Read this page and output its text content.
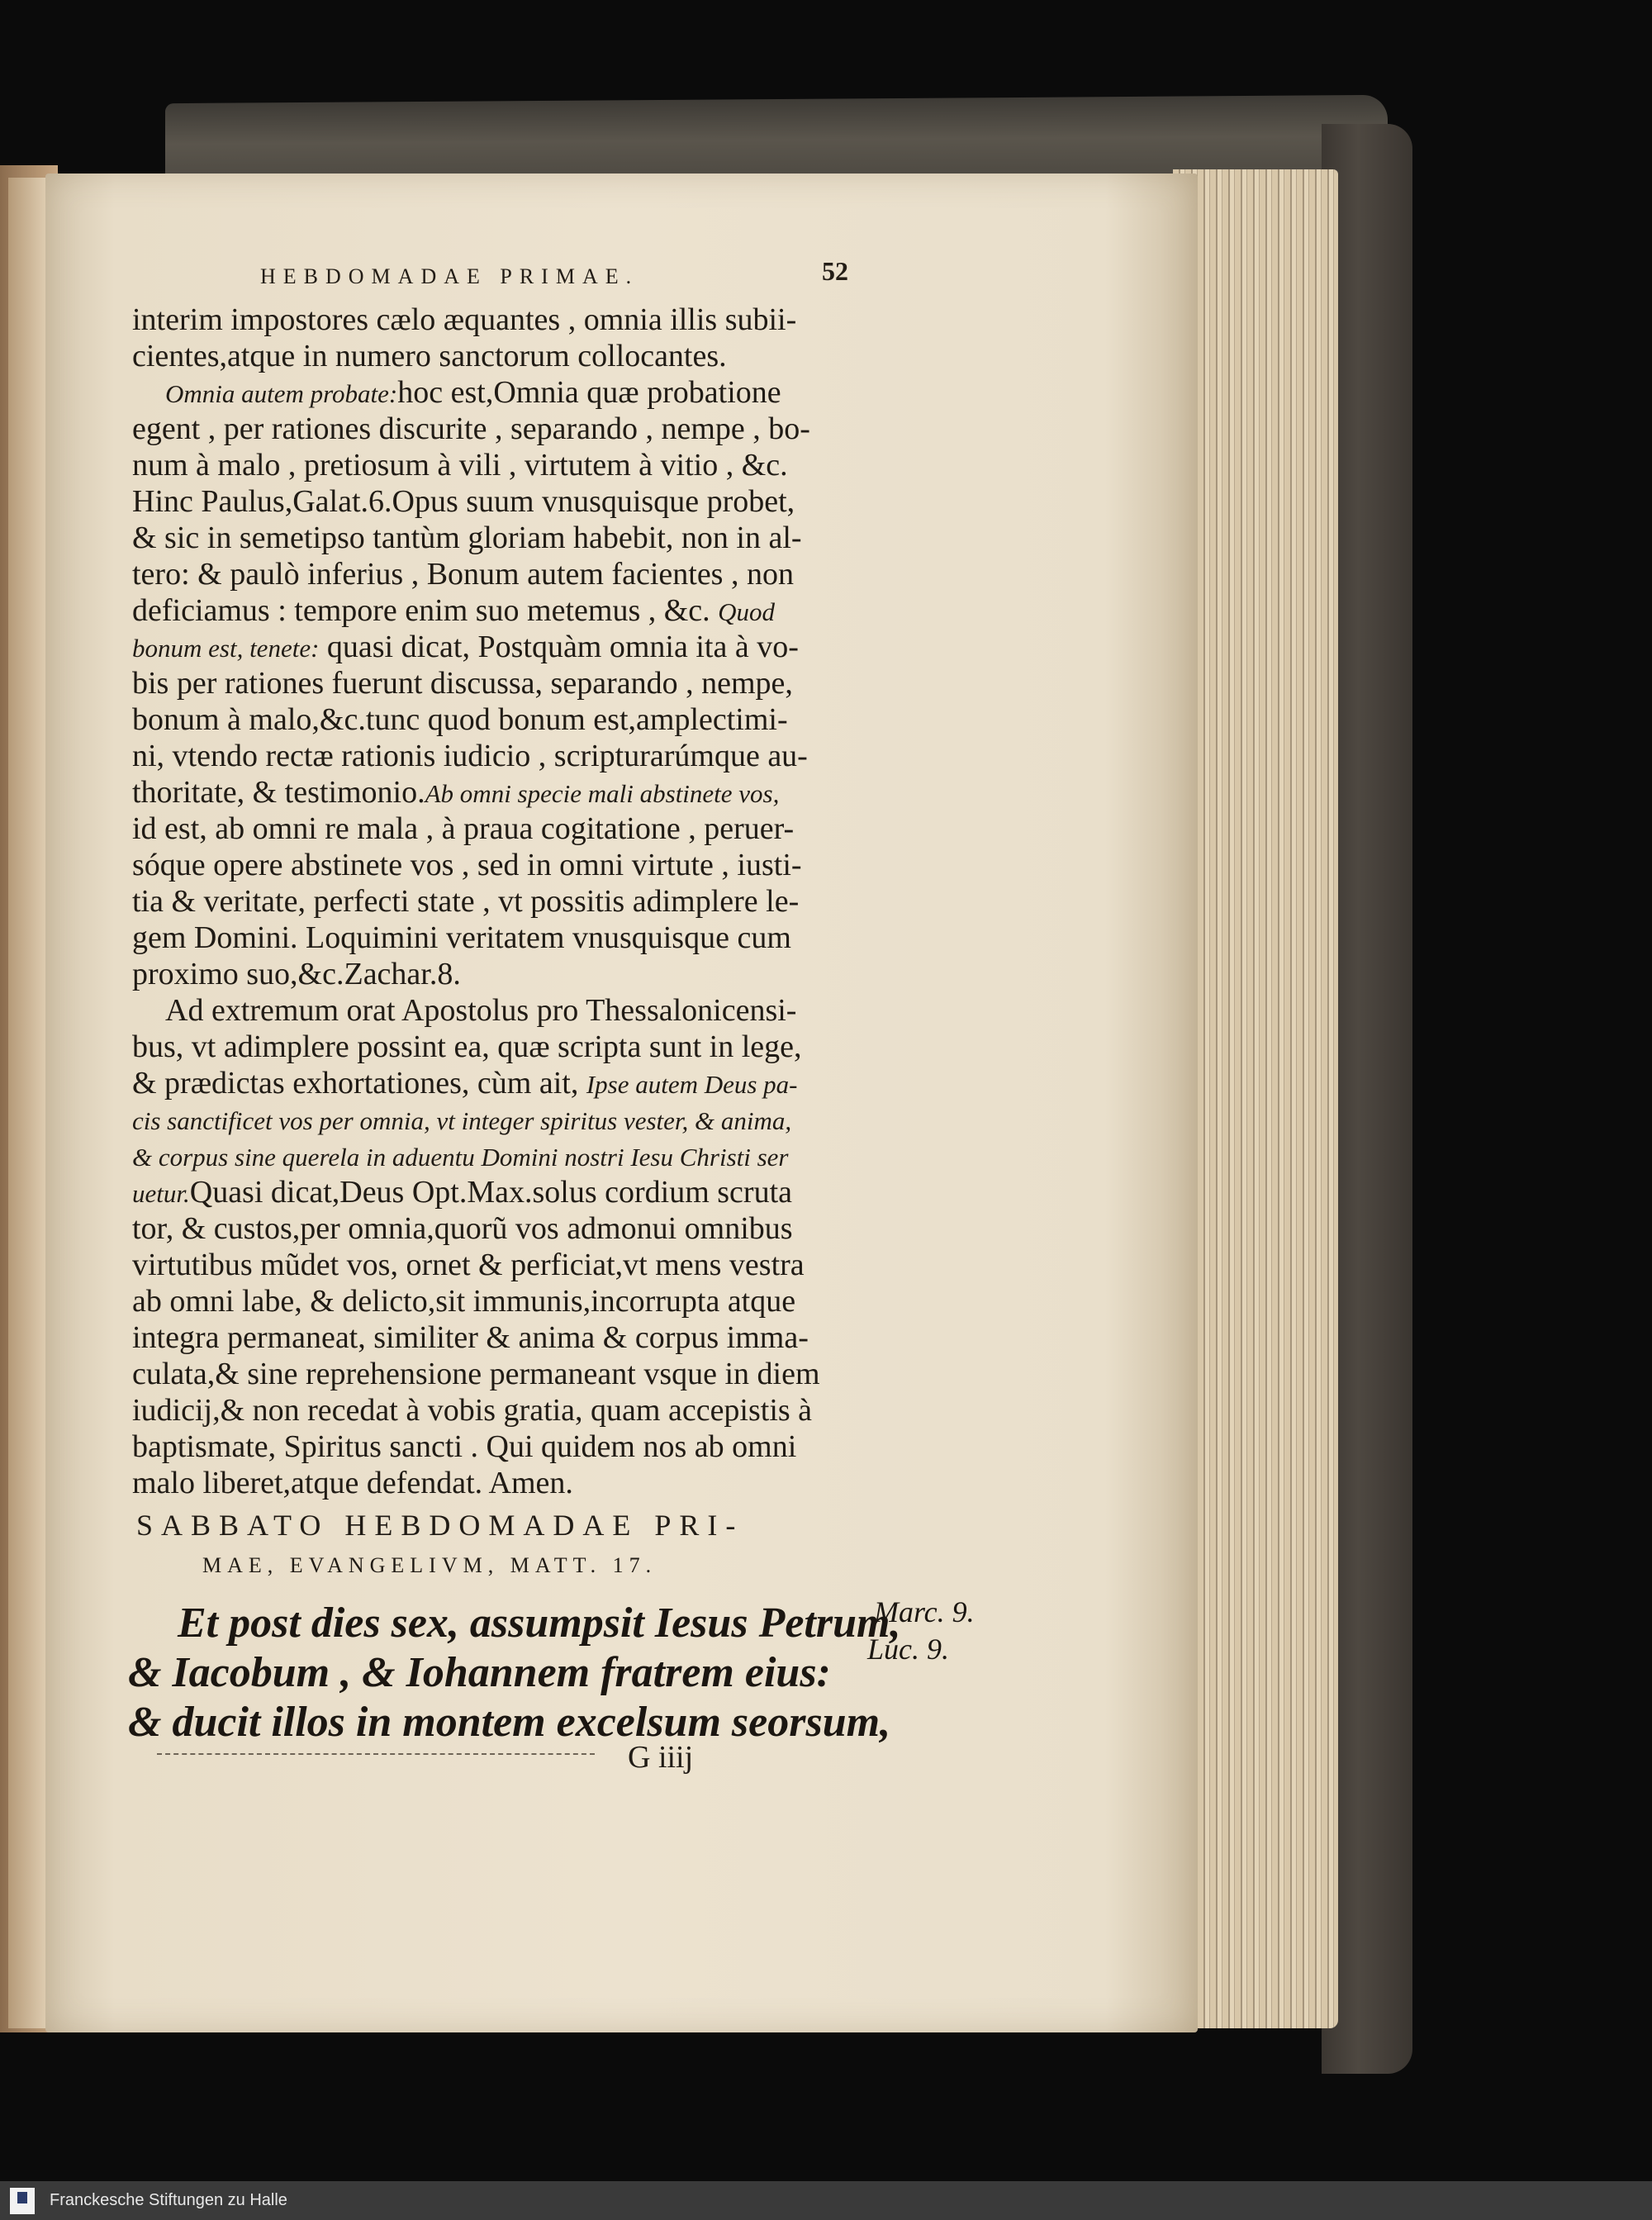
HEBDOMADAE PRIMAE.	52
interim impostores cælo æquantes , omnia illis subii-
cientes,atque in numero sanctorum collocantes.
Omnia autem probate:hoc est,Omnia quæ probatione
egent , per rationes discurite , separando , nempe , bo-
num à malo , pretiosum à vili , virtutem à vitio , &c.
Hinc Paulus,Galat.6.Opus suum vnusquisque probet,
& sic in semetipso tantùm gloriam habebit, non in al-
tero: & paulò inferius , Bonum autem facientes , non
deficiamus : tempore enim suo metemus , &c. Quod
bonum est, tenete: quasi dicat, Postquàm omnia ita à vo-
bis per rationes fuerunt discussa, separando , nempe,
bonum à malo,&c.tunc quod bonum est,amplectimi-
ni, vtendo rectæ rationis iudicio , scripturarúmque au-
thoritate, & testimonio.Ab omni specie mali abstinete vos,
id est, ab omni re mala , à praua cogitatione , peruer-
sóque opere abstinete vos , sed in omni virtute , iusti-
tia & veritate, perfecti state , vt possitis adimplere le-
gem Domini. Loquimini veritatem vnusquisque cum
proximo suo,&c.Zachar.8.
Ad extremum orat Apostolus pro Thessalonicensi-
bus, vt adimplere possint ea, quæ scripta sunt in lege,
& prædictas exhortationes, cùm ait, Ipse autem Deus pa-
cis sanctificet vos per omnia, vt integer spiritus vester, & anima,
& corpus sine querela in aduentu Domini nostri Iesu Christi ser
uetur.Quasi dicat,Deus Opt.Max.solus cordium scruta
tor, & custos,per omnia,quorũ vos admonui omnibus
virtutibus mũdet vos, ornet & perficiat,vt mens vestra
ab omni labe, & delicto,sit immunis,incorrupta atque
integra permaneat, similiter & anima & corpus imma-
culata,& sine reprehensione permaneant vsque in diem
iudicij,& non recedat à vobis gratia, quam accepistis à
baptismate, Spiritus sancti . Qui quidem nos ab omni
malo liberet,atque defendat. Amen.
SABBATO HEBDOMADAE PRI-
MAE, EVANGELIVM, MATT. 17.
Et post dies sex, assumpsit Iesus Petrum,
& Iacobum , & Iohannem fratrem eius:
& ducit illos in montem excelsum seorsum,
Marc. 9.
Luc. 9.
G iiij
Franckesche Stiftungen zu Halle
